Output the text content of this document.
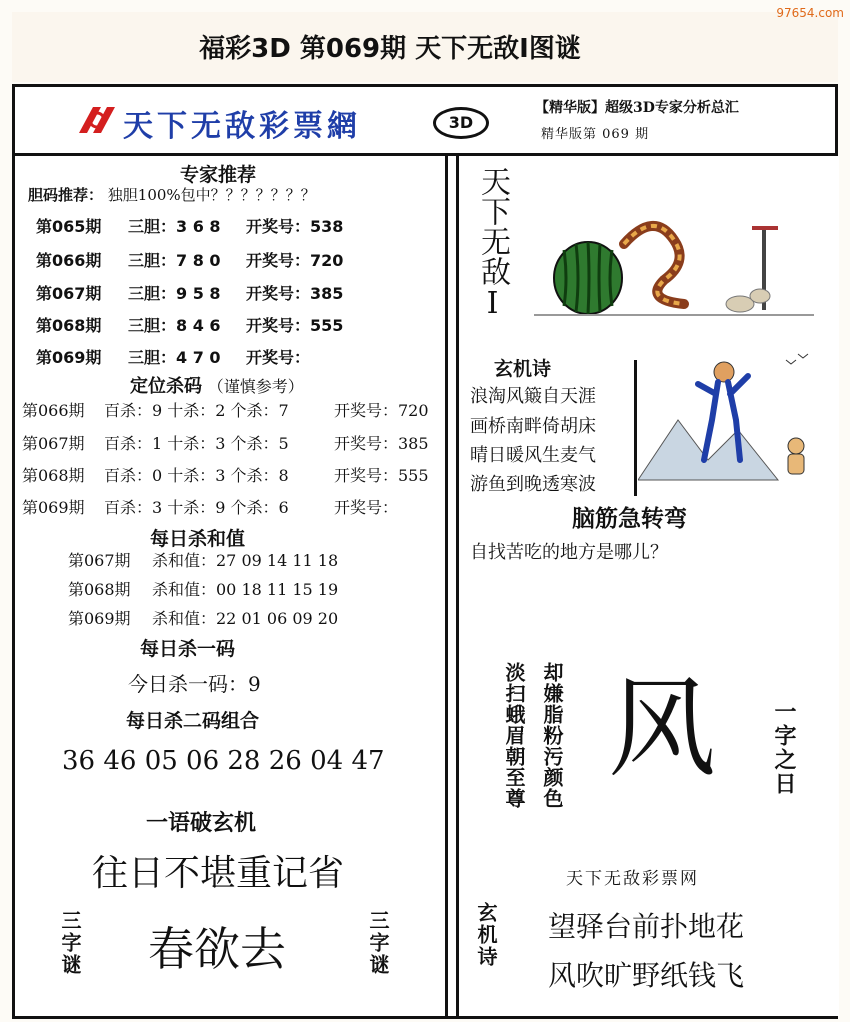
97654.com
福彩3D 第069期 天下无敌Ⅰ图谜
天下无敌彩票網	3D
【精华版】超级3D专家分析总汇
精华版第 069 期
专家推荐
胆码推荐： 独胆100%包中？？？？？？？
第065期 三胆：3 6 8 开奖号：538
第066期 三胆：7 8 0 开奖号：720
第067期 三胆：9 5 8 开奖号：385
第068期 三胆：8 4 6 开奖号：555
第069期 三胆：4 7 0 开奖号：
定位杀码 （谨慎参考）
第066期 百杀：9 十杀：2 个杀：7	开奖号：720
第067期 百杀：1 十杀：3 个杀：5	开奖号：385
第068期 百杀：0 十杀：3 个杀：8	开奖号：555
第069期 百杀：3 十杀：9 个杀：6	开奖号：
每日杀和值
第067期 杀和值：27 09 14 11 18
第068期 杀和值：00 18 11 15 19
第069期 杀和值：22 01 06 09 20
每日杀一码
今日杀一码：9
每日杀二码组合
36 46 05 06 28 26 04 47
一语破玄机
往日不堪重记省
三字谜 春欲去	三字谜
天下无敌Ⅰ
玄机诗
浪淘风簸自天涯
画桥南畔倚胡床
晴日暖风生麦气
游鱼到晚透寒波
脑筋急转弯
自找苦吃的地方是哪儿？
淡扫蛾眉朝至尊 却嫌脂粉污颜色 风 一字之日
天下无敌彩票网
玄机诗 望驿台前扑地花
风吹旷野纸钱飞
